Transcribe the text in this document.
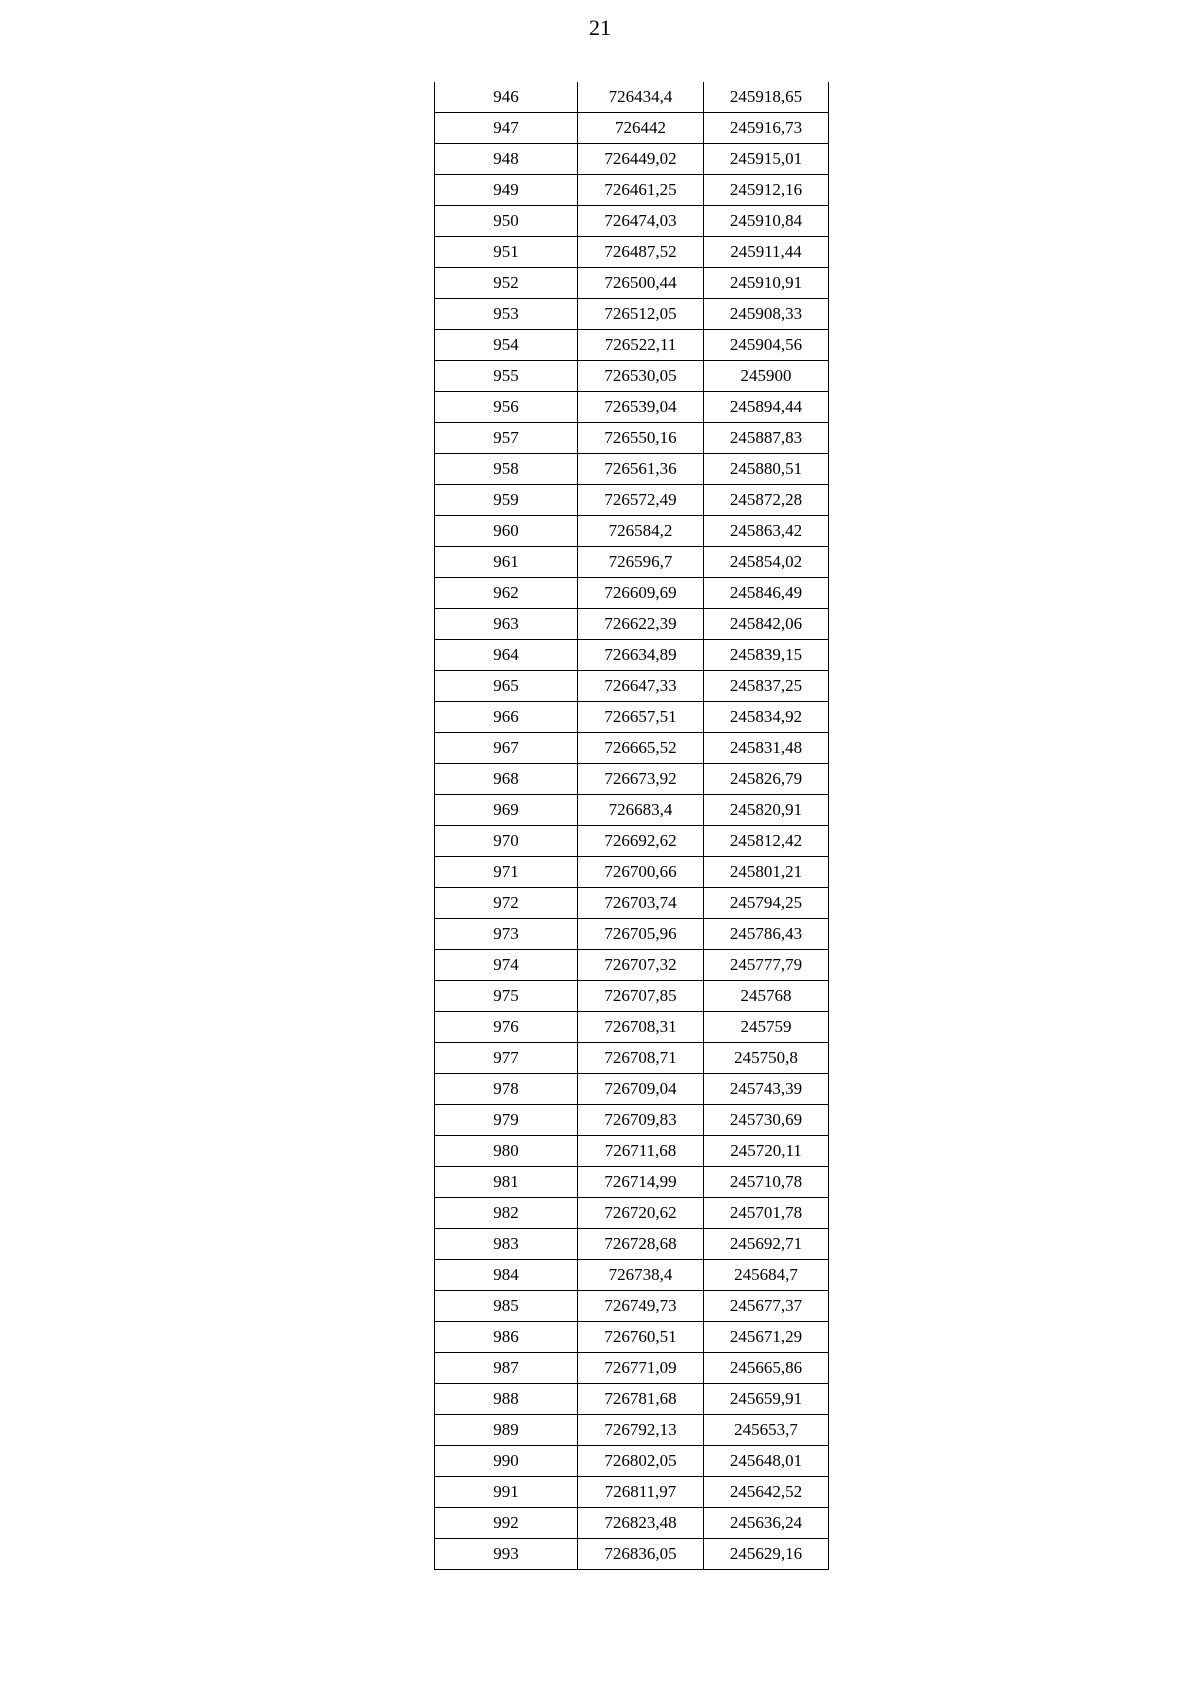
21
946	726434,4	245918,65
947	726442	245916,73
948	726449,02	245915,01
949	726461,25	245912,16
950	726474,03	245910,84
951	726487,52	245911,44
952	726500,44	245910,91
953	726512,05	245908,33
954	726522,11	245904,56
955	726530,05	245900
956	726539,04	245894,44
957	726550,16	245887,83
958	726561,36	245880,51
959	726572,49	245872,28
960	726584,2	245863,42
961	726596,7	245854,02
962	726609,69	245846,49
963	726622,39	245842,06
964	726634,89	245839,15
965	726647,33	245837,25
966	726657,51	245834,92
967	726665,52	245831,48
968	726673,92	245826,79
969	726683,4	245820,91
970	726692,62	245812,42
971	726700,66	245801,21
972	726703,74	245794,25
973	726705,96	245786,43
974	726707,32	245777,79
975	726707,85	245768
976	726708,31	245759
977	726708,71	245750,8
978	726709,04	245743,39
979	726709,83	245730,69
980	726711,68	245720,11
981	726714,99	245710,78
982	726720,62	245701,78
983	726728,68	245692,71
984	726738,4	245684,7
985	726749,73	245677,37
986	726760,51	245671,29
987	726771,09	245665,86
988	726781,68	245659,91
989	726792,13	245653,7
990	726802,05	245648,01
991	726811,97	245642,52
992	726823,48	245636,24
993	726836,05	245629,16
